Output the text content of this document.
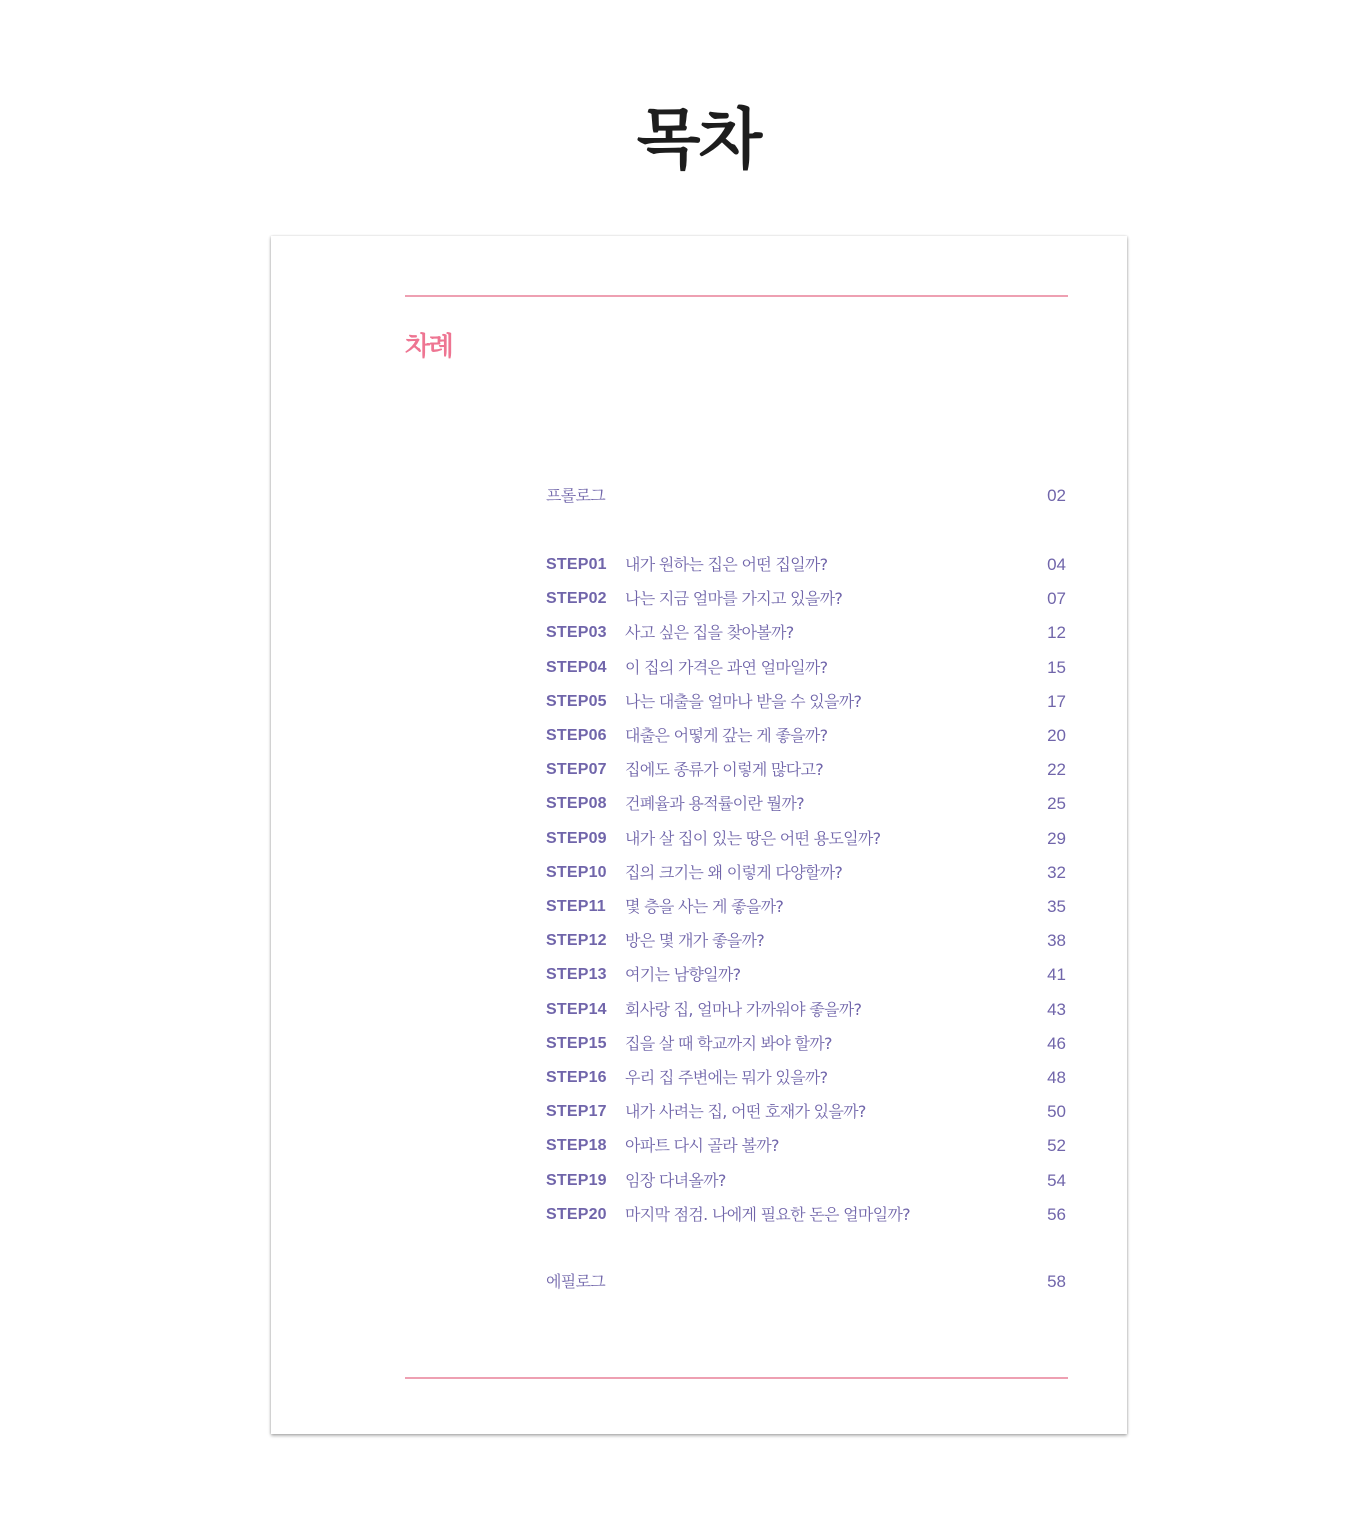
목차
차례
프롤로그	02
STEP01 내가 원하는 집은 어떤 집일까?	04
STEP02 나는 지금 얼마를 가지고 있을까?	07
STEP03 사고 싶은 집을 찾아볼까?	12
STEP04 이 집의 가격은 과연 얼마일까?	15
STEP05 나는 대출을 얼마나 받을 수 있을까?	17
STEP06 대출은 어떻게 갚는 게 좋을까?	20
STEP07 집에도 종류가 이렇게 많다고?	22
STEP08 건폐율과 용적률이란 뭘까?	25
STEP09 내가 살 집이 있는 땅은 어떤 용도일까?	29
STEP10 집의 크기는 왜 이렇게 다양할까?	32
STEP11 몇 층을 사는 게 좋을까?	35
STEP12 방은 몇 개가 좋을까?	38
STEP13 여기는 남향일까?	41
STEP14 회사랑 집, 얼마나 가까워야 좋을까?	43
STEP15 집을 살 때 학교까지 봐야 할까?	46
STEP16 우리 집 주변에는 뭐가 있을까?	48
STEP17 내가 사려는 집, 어떤 호재가 있을까?	50
STEP18 아파트 다시 골라 볼까?	52
STEP19 임장 다녀올까?	54
STEP20 마지막 점검. 나에게 필요한 돈은 얼마일까?	56
에필로그	58
